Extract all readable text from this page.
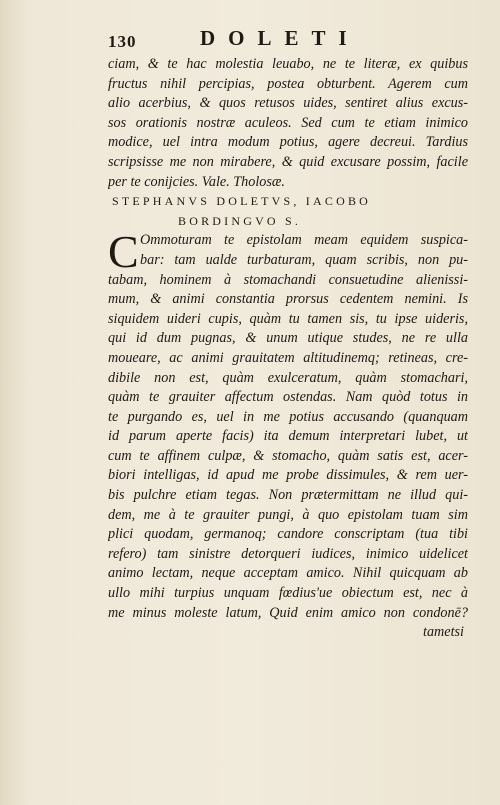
130	DOLETI
ciam, & te hac molestia leuabo, ne te literæ, ex quibus
fructus nihil percipias, postea obturbent. Agerem cum
alio acerbius, & quos retusos uides, sentiret alius excus-
sos orationis nostræ aculeos. Sed cum te etiam inimico
modice, uel intra modum potius, agere decreui. Tardius
scripsisse me non mirabere, & quid excusare possim, facile
per te conijcies. Vale. Tholosæ.
STEPHANVS DOLETVS, IACOBO
BORDINGVO S.
C Ommoturam te epistolam meam equidem suspica-
bar: tam ualde turbaturam, quam scribis, non pu-
tabam, hominem à stomachandi consuetudine alienissi-
mum, & animi constantia prorsus cedentem nemini. Is
siquidem uideri cupis, quàm tu tamen sis, tu ipse uideris,
qui id dum pugnas, & unum utique studes, ne re ulla
moueare, ac animi grauitatem altitudinemq; retineas, cre-
dibile non est, quàm exulceratum, quàm stomachari,
quàm te grauiter affectum ostendas. Nam quòd totus in
te purgando es, uel in me potius accusando (quanquam
id parum aperte facis) ita demum interpretari lubet, ut
cum te affinem culpæ, & stomacho, quàm satis est, acer-
biori intelligas, id apud me probe dissimules, & rem uer-
bis pulchre etiam tegas. Non prætermittam ne illud qui-
dem, me à te grauiter pungi, à quo epistolam tuam sim
plici quodam, germanoq; candore conscriptam (tua tibi
refero) tam sinistre detorqueri iudices, inimico uidelicet
animo lectam, neque acceptam amico. Nihil quicquam ab
ullo mihi turpius unquam fœdius'ue obiectum est, nec à
me minus moleste latum, Quid enim amico non condonē?
tametsi
